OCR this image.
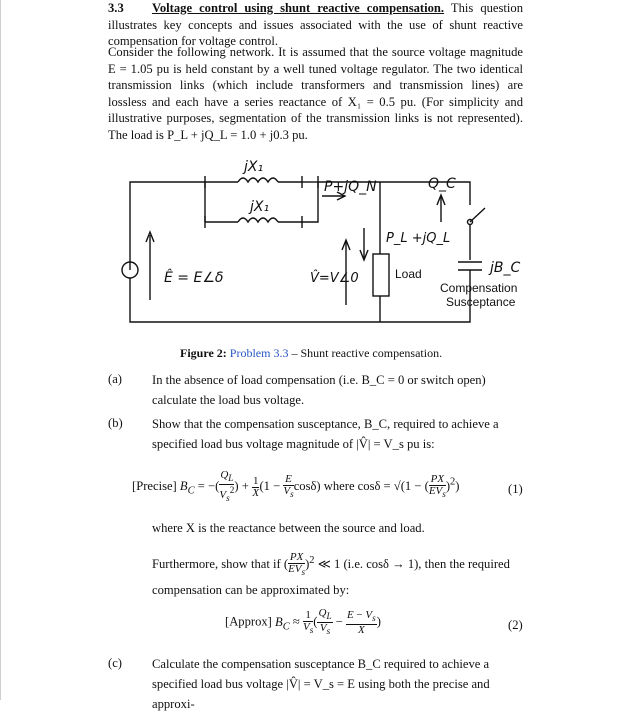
3.3 Voltage control using shunt reactive compensation. This question illustrates key concepts and issues associated with the use of shunt reactive compensation for voltage control.
Consider the following network. It is assumed that the source voltage magnitude E = 1.05 pu is held constant by a well tuned voltage regulator. The two identical transmission links (which include transformers and transmission lines) are lossless and each have a series reactance of X₁ = 0.5 pu. (For simplicity and illustrative purposes, segmentation of the transmission links is not represented). The load is P_L + jQ_L = 1.0 + j0.3 pu.
jX₁
jX₁
P+jQ_N	Q_C
Ê = E∠δ	V̂=V∠0
P_L +jQ_L
Load	jB_C
Compensation
Susceptance
Figure 2: Problem 3.3 – Shunt reactive compensation.
(a) In the absence of load compensation (i.e. B_C = 0 or switch open) calculate the load bus voltage.
(b) Show that the compensation susceptance, B_C, required to achieve a specified load bus voltage magnitude of |V̂| = V_s pu is:
[Precise] $B_C$ = −( $\frac{Q_L}{V_s^2}$ ) + $\frac{1}{X} (1 - \frac{E}{V_s} \cos\delta)$ where cosδ = √(1 − ( $\frac{PX}{EV_s} )^2$)	(1)
where X is the reactance between the source and load.
Furthermore, show that if ( $\frac{PX}{EV_s} )^2$ ≪ 1 (i.e. cosδ → 1), then the required
compensation can be approximated by:
[Approx] $B_C \approx \frac{1}{V_s}$ ( $\frac{Q_L}{V_s} - \frac{E - V_s}{X}$ )	(2)
(c) Calculate the compensation susceptance B_C required to achieve a specified load bus voltage |V̂| = V_s = E using both the precise and approxi-
